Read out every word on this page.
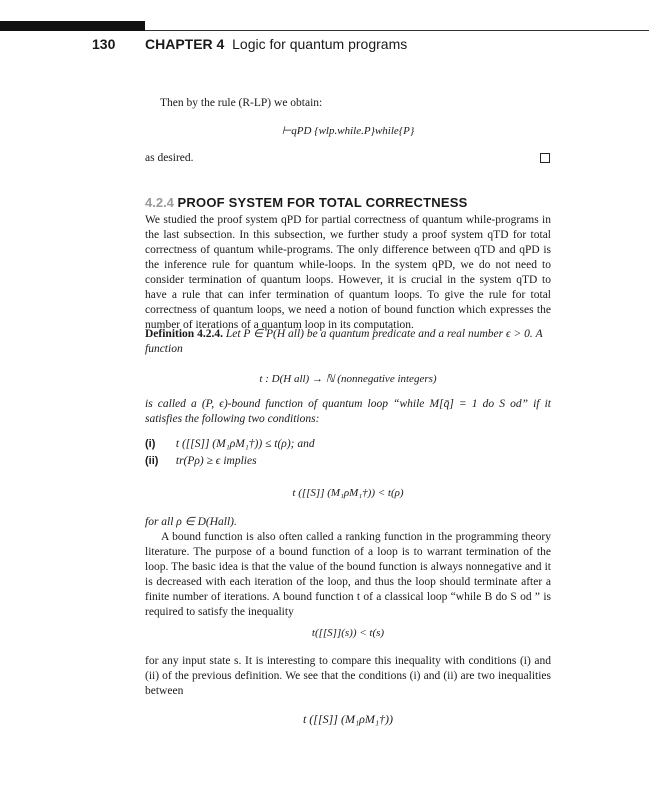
130 CHAPTER 4 Logic for quantum programs
Then by the rule (R-LP) we obtain:
⊢qPD {wlp.while.P}while{P}
as desired.
4.2.4 PROOF SYSTEM FOR TOTAL CORRECTNESS

We studied the proof system qPD for partial correctness of quantum while-programs in the last subsection. In this subsection, we further study a proof system qTD for total correctness of quantum while-programs. The only difference between qTD and qPD is the inference rule for quantum while-loops. In the system qPD, we do not need to consider termination of quantum loops. However, it is crucial in the system qTD to have a rule that can infer termination of quantum loops. To give the rule for total correctness of quantum loops, we need a notion of bound function which expresses the number of iterations of a quantum loop in its computation.

Definition 4.2.4. Let P ∈ P(H all) be a quantum predicate and a real number ϵ > 0. A function
t : D(H all) → ℕ (nonnegative integers)

is called a (P, ϵ)-bound function of quantum loop “while M[q̄] = 1 do S od” if it satisfies the following two conditions:

(i) t ([[S]] (M₁ρM₁†)) ≤ t(ρ); and
(ii) tr(Pρ) ≥ ϵ implies
t ([[S]] (M₁ρM₁†)) < t(ρ)
for all ρ ∈ D(Hall).

A bound function is also often called a ranking function in the programming theory literature. The purpose of a bound function of a loop is to warrant termination of the loop. The basic idea is that the value of the bound function is always nonnegative and it is decreased with each iteration of the loop, and thus the loop should terminate after a finite number of iterations. A bound function t of a classical loop “while B do S od ” is required to satisfy the inequality

t([[S]](s)) < t(s)

for any input state s. It is interesting to compare this inequality with conditions (i) and (ii) of the previous definition. We see that the conditions (i) and (ii) are two inequalities between

t ([[S]] (M₁ρM₁†))
